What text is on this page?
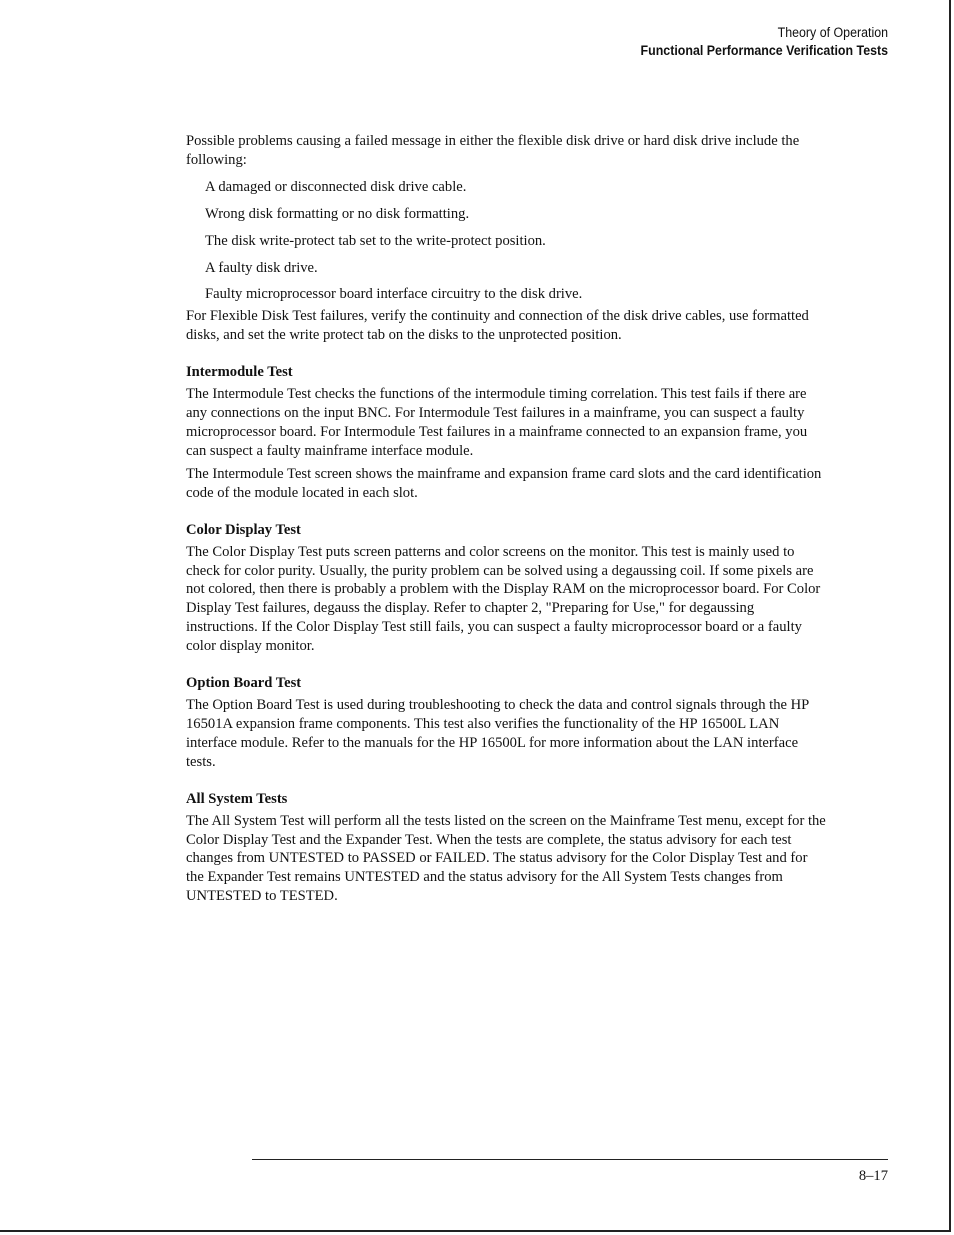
Theory of Operation
Functional Performance Verification Tests

Possible problems causing a failed message in either the flexible disk drive or hard disk drive include the following:

A damaged or disconnected disk drive cable.
Wrong disk formatting or no disk formatting.
The disk write-protect tab set to the write-protect position.
A faulty disk drive.
Faulty microprocessor board interface circuitry to the disk drive.

For Flexible Disk Test failures, verify the continuity and connection of the disk drive cables, use formatted disks, and set the write protect tab on the disks to the unprotected position.

Intermodule Test

The Intermodule Test checks the functions of the intermodule timing correlation. This test fails if there are any connections on the input BNC. For Intermodule Test failures in a mainframe, you can suspect a faulty microprocessor board. For Intermodule Test failures in a mainframe connected to an expansion frame, you can suspect a faulty mainframe interface module.

The Intermodule Test screen shows the mainframe and expansion frame card slots and the card identification code of the module located in each slot.

Color Display Test

The Color Display Test puts screen patterns and color screens on the monitor. This test is mainly used to check for color purity. Usually, the purity problem can be solved using a degaussing coil. If some pixels are not colored, then there is probably a problem with the Display RAM on the microprocessor board. For Color Display Test failures, degauss the display. Refer to chapter 2, "Preparing for Use," for degaussing instructions. If the Color Display Test still fails, you can suspect a faulty microprocessor board or a faulty color display monitor.

Option Board Test

The Option Board Test is used during troubleshooting to check the data and control signals through the HP 16501A expansion frame components. This test also verifies the functionality of the HP 16500L LAN interface module. Refer to the manuals for the HP 16500L for more information about the LAN interface tests.

All System Tests

The All System Test will perform all the tests listed on the screen on the Mainframe Test menu, except for the Color Display Test and the Expander Test. When the tests are complete, the status advisory for each test changes from UNTESTED to PASSED or FAILED. The status advisory for the Color Display Test and for the Expander Test remains UNTESTED and the status advisory for the All System Tests changes from UNTESTED to TESTED.

8–17
